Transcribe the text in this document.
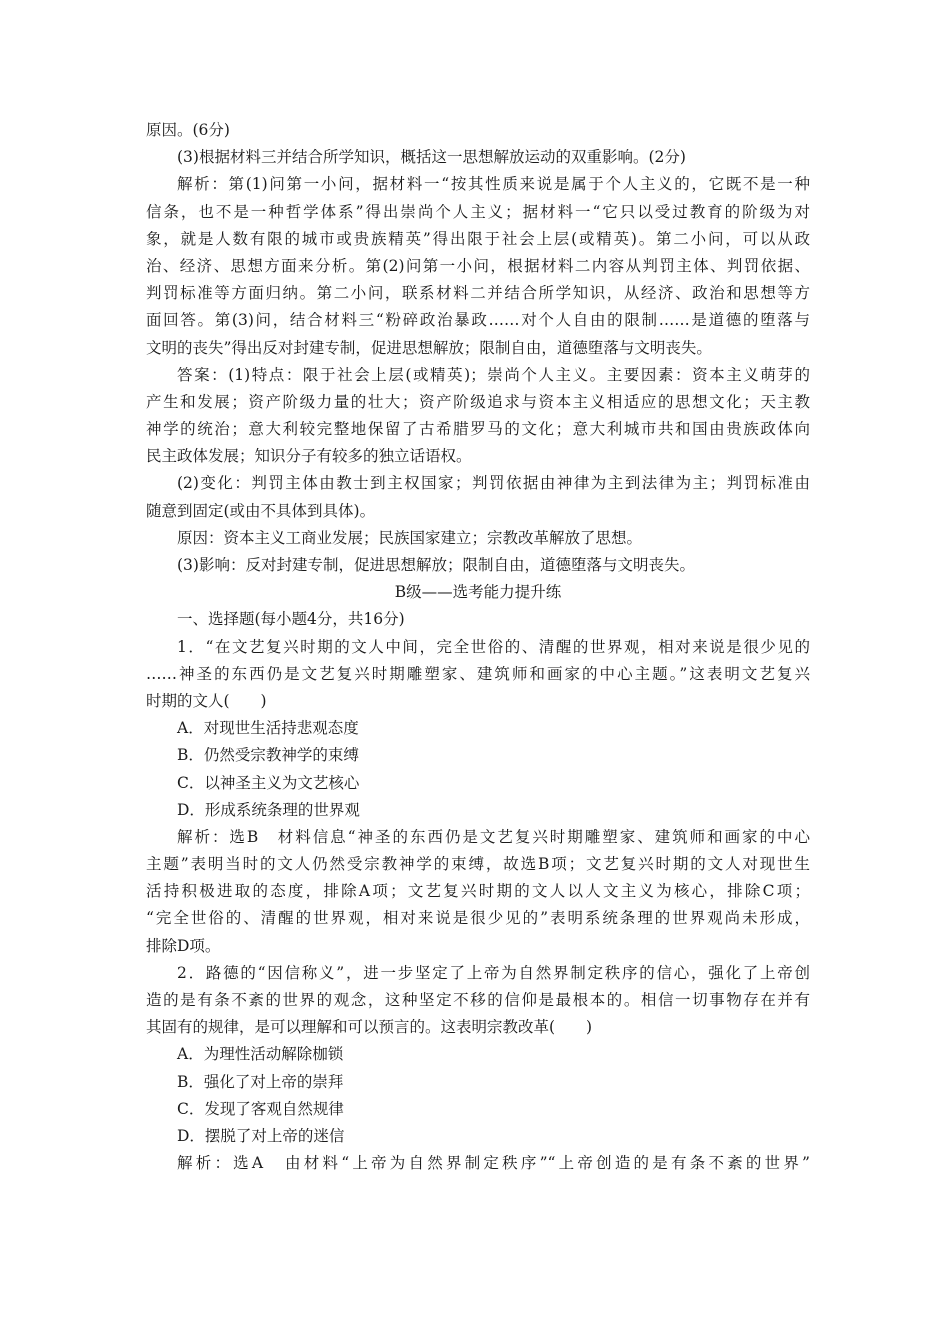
原因。(6分)
(3)根据材料三并结合所学知识，概括这一思想解放运动的双重影响。(2分)
解析：第(1)问第一小问，据材料一“按其性质来说是属于个人主义的，它既不是一种
信条，也不是一种哲学体系”得出崇尚个人主义；据材料一“它只以受过教育的阶级为对
象，就是人数有限的城市或贵族精英”得出限于社会上层(或精英)。第二小问，可以从政
治、经济、思想方面来分析。第(2)问第一小问，根据材料二内容从判罚主体、判罚依据、
判罚标准等方面归纳。第二小问，联系材料二并结合所学知识，从经济、政治和思想等方
面回答。第(3)问，结合材料三“粉碎政治暴政……对个人自由的限制……是道德的堕落与
文明的丧失”得出反对封建专制，促进思想解放；限制自由，道德堕落与文明丧失。
答案：(1)特点：限于社会上层(或精英)；崇尚个人主义。主要因素：资本主义萌芽的
产生和发展；资产阶级力量的壮大；资产阶级追求与资本主义相适应的思想文化；天主教
神学的统治；意大利较完整地保留了古希腊罗马的文化；意大利城市共和国由贵族政体向
民主政体发展；知识分子有较多的独立话语权。
(2)变化：判罚主体由教士到主权国家；判罚依据由神律为主到法律为主；判罚标准由
随意到固定(或由不具体到具体)。
原因：资本主义工商业发展；民族国家建立；宗教改革解放了思想。
(3)影响：反对封建专制，促进思想解放；限制自由，道德堕落与文明丧失。
B级——选考能力提升练
一、选择题(每小题4分，共16分)
1．“在文艺复兴时期的文人中间，完全世俗的、清醒的世界观，相对来说是很少见的
……神圣的东西仍是文艺复兴时期雕塑家、建筑师和画家的中心主题。”这表明文艺复兴
时期的文人(　　)
A．对现世生活持悲观态度
B．仍然受宗教神学的束缚
C．以神圣主义为文艺核心
D．形成系统条理的世界观
解析：选B　材料信息“神圣的东西仍是文艺复兴时期雕塑家、建筑师和画家的中心
主题”表明当时的文人仍然受宗教神学的束缚，故选B项；文艺复兴时期的文人对现世生
活持积极进取的态度，排除A项；文艺复兴时期的文人以人文主义为核心，排除C项；
“完全世俗的、清醒的世界观，相对来说是很少见的”表明系统条理的世界观尚未形成，
排除D项。
2．路德的“因信称义”，进一步坚定了上帝为自然界制定秩序的信心，强化了上帝创
造的是有条不紊的世界的观念，这种坚定不移的信仰是最根本的。相信一切事物存在并有
其固有的规律，是可以理解和可以预言的。这表明宗教改革(　　)
A．为理性活动解除枷锁
B．强化了对上帝的崇拜
C．发现了客观自然规律
D．摆脱了对上帝的迷信
解析：选A　由材料“上帝为自然界制定秩序”“上帝创造的是有条不紊的世界”
